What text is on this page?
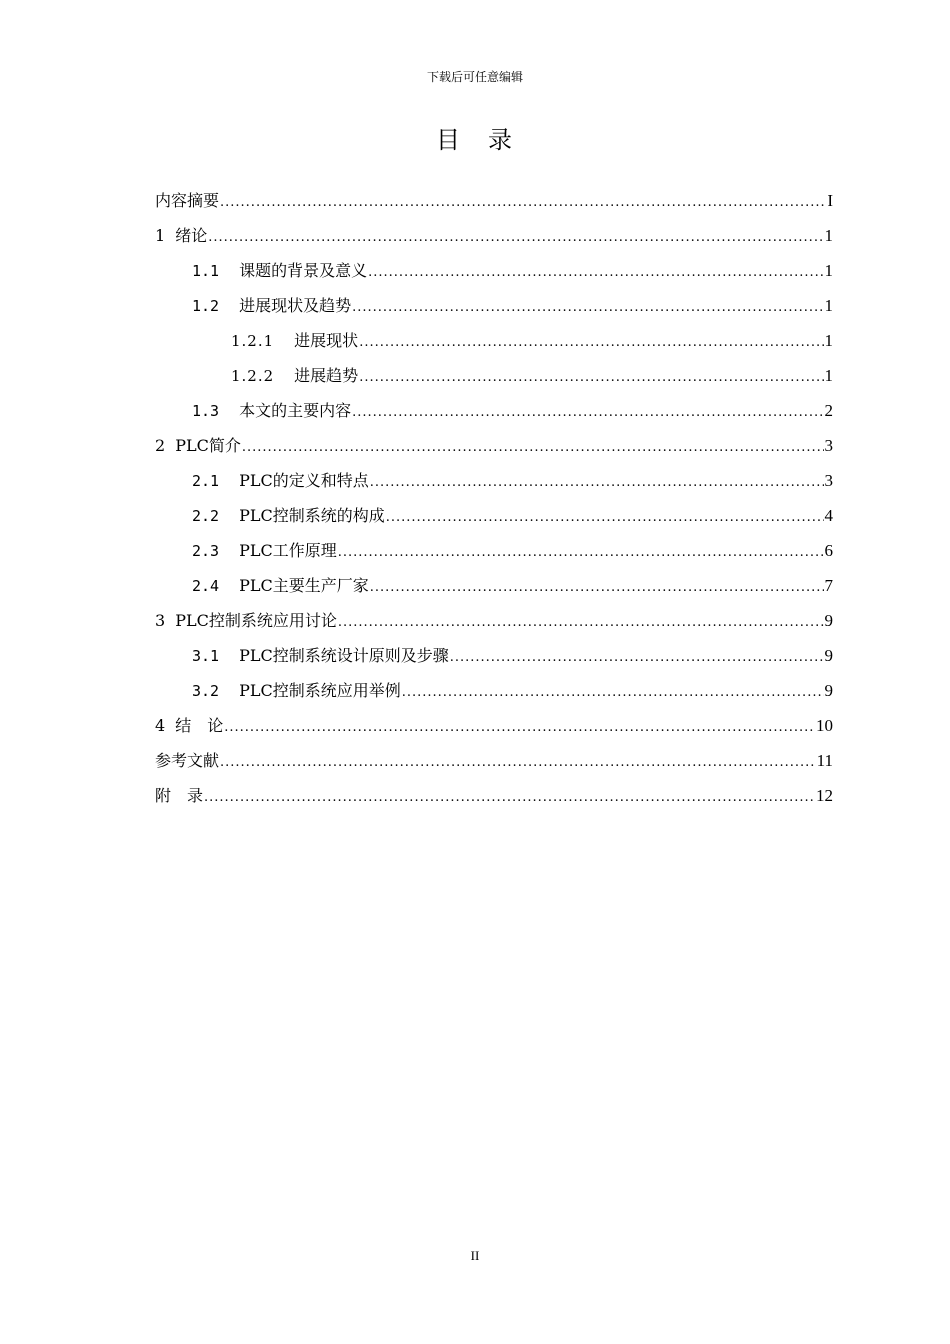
下载后可任意编辑
目　录
内容摘要 .....	I
1 绪论 .....	1
1.1 课题的背景及意义 .....	1
1.2 进展现状及趋势 .....	1
1.2.1 进展现状 .....	1
1.2.2 进展趋势 .....	1
1.3 本文的主要内容 .....	2
2 PLC简介 .....	3
2.1 PLC的定义和特点 .....	3
2.2 PLC控制系统的构成 .....	4
2.3 PLC工作原理 .....	6
2.4 PLC主要生产厂家 .....	7
3 PLC控制系统应用讨论 .....	9
3.1 PLC控制系统设计原则及步骤 .....	9
3.2 PLC控制系统应用举例 .....	9
4 结　论 .....	10
参考文献 .....	11
附　录 .....	12
II
